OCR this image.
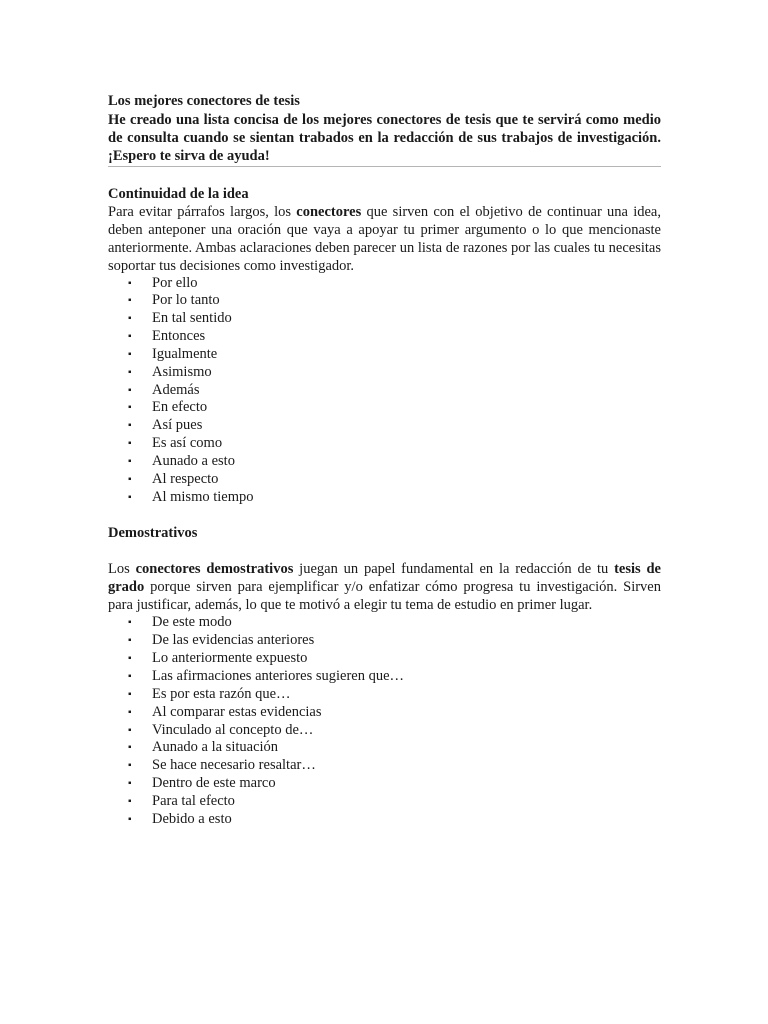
Los mejores conectores de tesis

He creado una lista concisa de los mejores conectores de tesis que te servirá como medio de consulta cuando se sientan trabados en la redacción de sus trabajos de investigación. ¡Espero te sirva de ayuda!

Continuidad de la idea

Para evitar párrafos largos, los conectores que sirven con el objetivo de continuar una idea, deben anteponer una oración que vaya a apoyar tu primer argumento o lo que mencionaste anteriormente. Ambas aclaraciones deben parecer un lista de razones por las cuales tu necesitas soportar tus decisiones como investigador.

▪ Por ello
▪ Por lo tanto
▪ En tal sentido
▪ Entonces
▪ Igualmente
▪ Asimismo
▪ Además
▪ En efecto
▪ Así pues
▪ Es así como
▪ Aunado a esto
▪ Al respecto
▪ Al mismo tiempo

Demostrativos

Los conectores demostrativos juegan un papel fundamental en la redacción de tu tesis de grado porque sirven para ejemplificar y/o enfatizar cómo progresa tu investigación. Sirven para justificar, además, lo que te motivó a elegir tu tema de estudio en primer lugar.

▪ De este modo
▪ De las evidencias anteriores
▪ Lo anteriormente expuesto
▪ Las afirmaciones anteriores sugieren que…
▪ Es por esta razón que…
▪ Al comparar estas evidencias
▪ Vinculado al concepto de…
▪ Aunado a la situación
▪ Se hace necesario resaltar…
▪ Dentro de este marco
▪ Para tal efecto
▪ Debido a esto
